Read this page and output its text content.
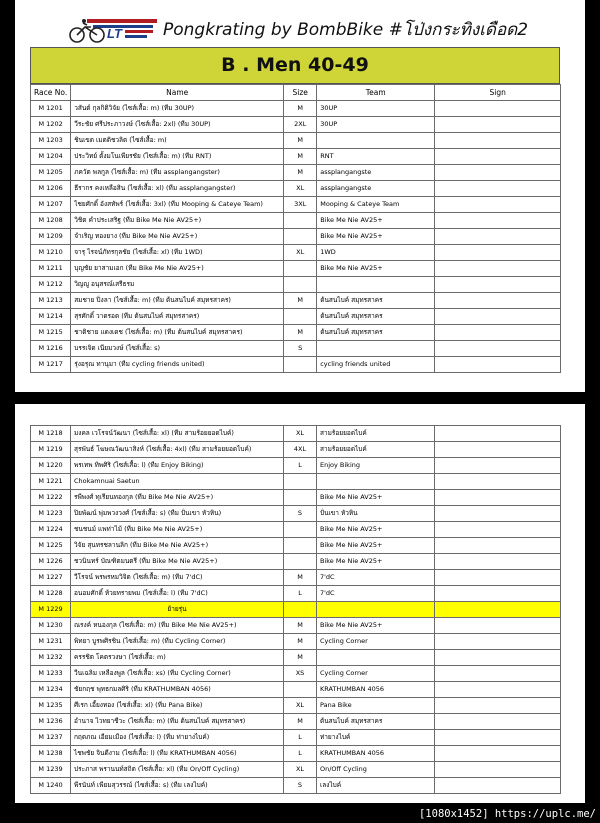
LT Pongkrating by BombBike #โป่งกระทิงเดือด2
B . Men 40-49
Race No.	Name	Size	Team	Sign
M 1201	วสันต์ กุลกิติวิจัย (ไซส์เสื้อ: m) (ทีม 30UP)	M	30UP	
M 1202	วีระชัย ศรีประภาวงษ์ (ไซส์เสื้อ: 2xl) (ทีม 30UP)	2XL	30UP	
M 1203	ชินเขต เมตติชวลิต (ไซส์เสื้อ: m)	M		
M 1204	ประวิทย์ ตั้งมโนเพียรชัย (ไซส์เสื้อ: m) (ทีม RNT)	M	RNT	
M 1205	ภควัต พลกูล (ไซส์เสื้อ: m) (ทีม assplangangster)	M	assplangangste	
M 1206	ธีรากร คงเหลือสิน (ไซส์เสื้อ: xl) (ทีม assplangangster)	XL	assplangangste	
M 1207	ไชยศักดิ์ อังสทัพร์ (ไซส์เสื้อ: 3xl) (ทีม Mooping & Cateye Team)	3XL	Mooping & Cateye Team	
M 1208	วิชิต คำประเสริฐ (ทีม Bike Me Nie AV25+)		Bike Me Nie AV25+	
M 1209	จำเริญ ทองยาง (ทีม Bike Me Nie AV25+)		Bike Me Nie AV25+	
M 1210	จารุ ไรจน์ภัทรกุลชัย (ไซส์เสื้อ: xl) (ทีม 1WD)	XL	1WD	
M 1211	บุญชัย ยาสามเอก (ทีม Bike Me Nie AV25+)		Bike Me Nie AV25+	
M 1212	วิญญู อนุสรณ์เสรีธรม			
M 1213	สมชาย ปิ่งลา (ไซส์เสื้อ: m) (ทีม ต้นสนไบค์ สมุทรสาคร)	M	ต้นสนไบค์ สมุทรสาคร	
M 1214	สุรศักดิ์ วาดรอด (ทีม ต้นสนไบค์ สมุทรสาคร)		ต้นสนไบค์ สมุทรสาคร	
M 1215	ชาติชาย แดงเดช (ไซส์เสื้อ: m) (ทีม ต้นสนไบค์ สมุทรสาคร)	M	ต้นสนไบค์ สมุทรสาคร	
M 1216	บรรเจิด เนียมวงษ์ (ไซส์เสื้อ: s)	S		
M 1217	รุ่งอรุณ ทานุมา (ทีม cycling friends united)		cycling friends united	
M 1218	มงคล เวโรจน์วัฒนา (ไซส์เสื้อ: xl) (ทีม สามร้อยยอดไบค์)	XL	สามร้อยยอดไบค์	
M 1219	สุรพันธ์ โฆษณวัฒนาสิงห์ (ไซส์เสื้อ: 4xl) (ทีม สามร้อยยอดไบค์)	4XL	สามร้อยยอดไบค์	
M 1220	พรเทพ ทิพศิริ (ไซส์เสื้อ: l) (ทีม Enjoy Biking)	L	Enjoy Biking	
M 1221	Chokamnuai Saetun			
M 1222	รพีพงศ์ ทุเรียนทองกุล (ทีม Bike Me Nie AV25+)		Bike Me Nie AV25+	
M 1223	ปิยพัฒน์ พุ่มพวงวงศ์ (ไซส์เสื้อ: s) (ทีม ปั่นเขา หัวหิน)	S	ปั่นเขา หัวหิน	
M 1224	ชนชนม์ แพท่าไม้ (ทีม Bike Me Nie AV25+)		Bike Me Nie AV25+	
M 1225	วิจัย สุนทรชลานลิก (ทีม Bike Me Nie AV25+)		Bike Me Nie AV25+	
M 1226	ชวนินทร์ บัณฑิตมนตรี (ทีม Bike Me Nie AV25+)		Bike Me Nie AV25+	
M 1227	วีโรจน์ พรพรหมวิจิต (ไซส์เสื้อ: m) (ทีม 7'dC)	M	7'dC	
M 1228	อนอมศักดิ์ ห้วยทรายพม (ไซส์เสื้อ: l) (ทีม 7'dC)	L	7'dC	
M 1229	ย้ายรุ่น			
M 1230	ณรงค์ หนองกุล (ไซส์เสื้อ: m) (ทีม Bike Me Nie AV25+)	M	Bike Me Nie AV25+	
M 1231	พิทยา บูรพศิรชิน (ไซส์เสื้อ: m) (ทีม Cycling Corner)	M	Cycling Corner	
M 1232	ครรชิต โคตรวงษา (ไซส์เสื้อ: m)	M		
M 1233	วีนเฉลิม เหลืองพูล (ไซส์เสื้อ: xs) (ทีม Cycling Corner)	XS	Cycling Corner	
M 1234	ชัยกฤช พุทธกมลศิริ (ทีม KRATHUMBAN 4056)		KRATHUMBAN 4056	
M 1235	ศีเรก เอี้ยงทอง (ไซส์เสื้อ: xl) (ทีม Pana Bike)	XL	Pana Bike	
M 1236	อำนาจ ไวทยาชีวะ (ไซส์เสื้อ: m) (ทีม ต้นสนไบค์ สมุทรสาคร)	M	ต้นสนไบค์ สมุทรสาคร	
M 1237	กฤตภณ เอียมเมือง (ไซส์เสื้อ: l) (ทีม ท่ายางไบค์)	L	ท่ายางไบค์	
M 1238	ไชพชัย จินดีงาม (ไซส์เสื้อ: l) (ทีม KRATHUMBAN 4056)	L	KRATHUMBAN 4056	
M 1239	ประภาส พรานนท์สถิต (ไซส์เสื้อ: xl) (ทีม On/Off Cycling)	XL	On/Off Cycling	
M 1240	พีรนันท์ เพียมสุวรรณ์ (ไซส์เสื้อ: s) (ทีม เลงไบค์)	S	เลงไบค์	
[1080x1452] https://uplc.me/
